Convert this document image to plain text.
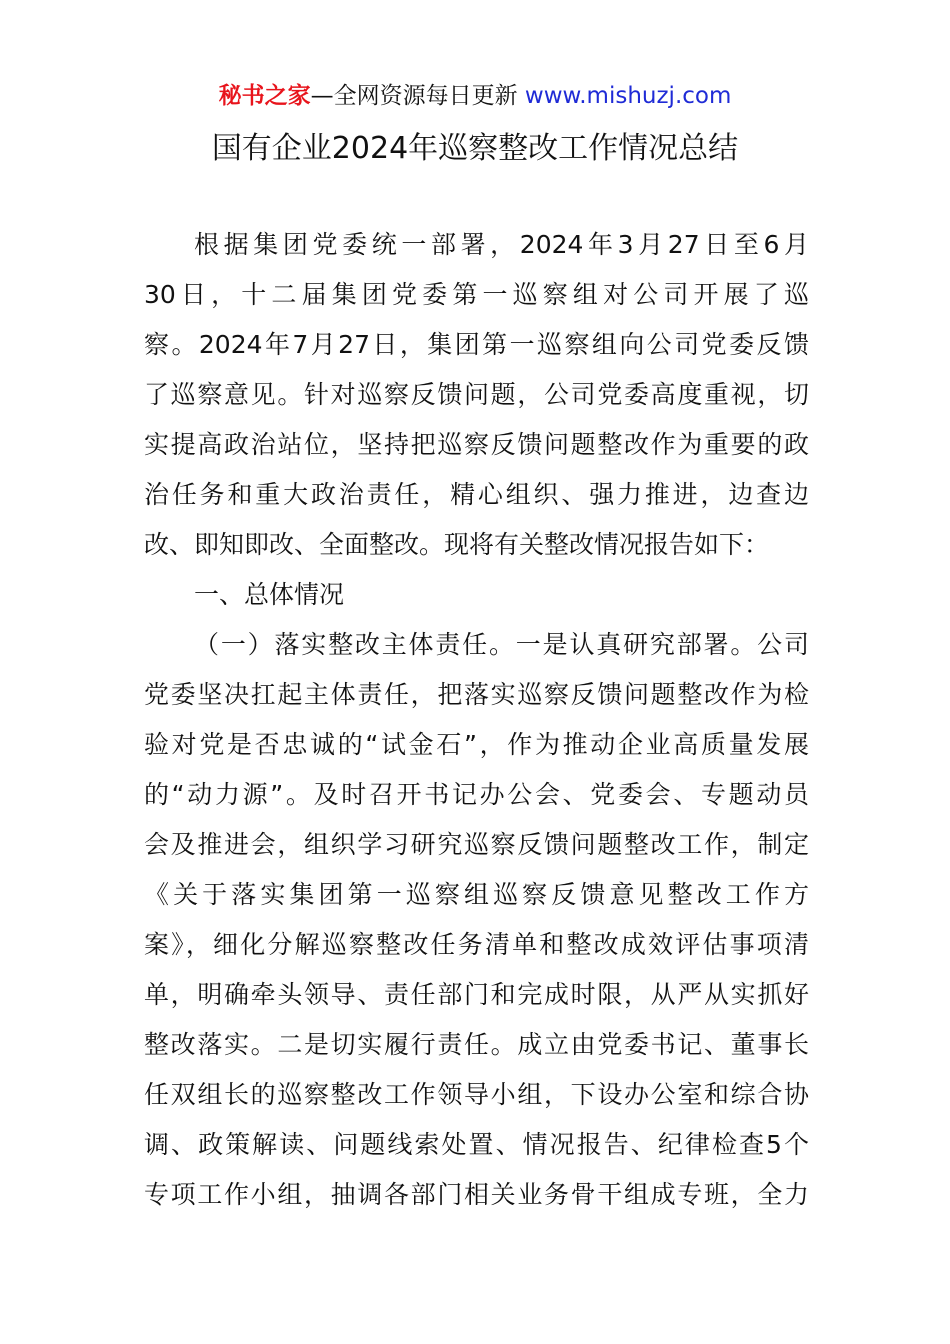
秘书之家—全网资源每日更新 www.mishuzj.com
国有企业2024年巡察整改工作情况总结
根据集团党委统一部署，2024年3月27日至6月
30日，十二届集团党委第一巡察组对公司开展了巡
察。2024年7月27日，集团第一巡察组向公司党委反馈
了巡察意见。针对巡察反馈问题，公司党委高度重视，切
实提高政治站位，坚持把巡察反馈问题整改作为重要的政
治任务和重大政治责任，精心组织、强力推进，边查边
改、即知即改、全面整改。现将有关整改情况报告如下：
一、总体情况
（一）落实整改主体责任。一是认真研究部署。公司
党委坚决扛起主体责任，把落实巡察反馈问题整改作为检
验对党是否忠诚的“试金石”，作为推动企业高质量发展
的“动力源”。及时召开书记办公会、党委会、专题动员
会及推进会，组织学习研究巡察反馈问题整改工作，制定
《关于落实集团第一巡察组巡察反馈意见整改工作方
案》，细化分解巡察整改任务清单和整改成效评估事项清
单，明确牵头领导、责任部门和完成时限，从严从实抓好
整改落实。二是切实履行责任。成立由党委书记、董事长
任双组长的巡察整改工作领导小组，下设办公室和综合协
调、政策解读、问题线索处置、情况报告、纪律检查5个
专项工作小组，抽调各部门相关业务骨干组成专班，全力
